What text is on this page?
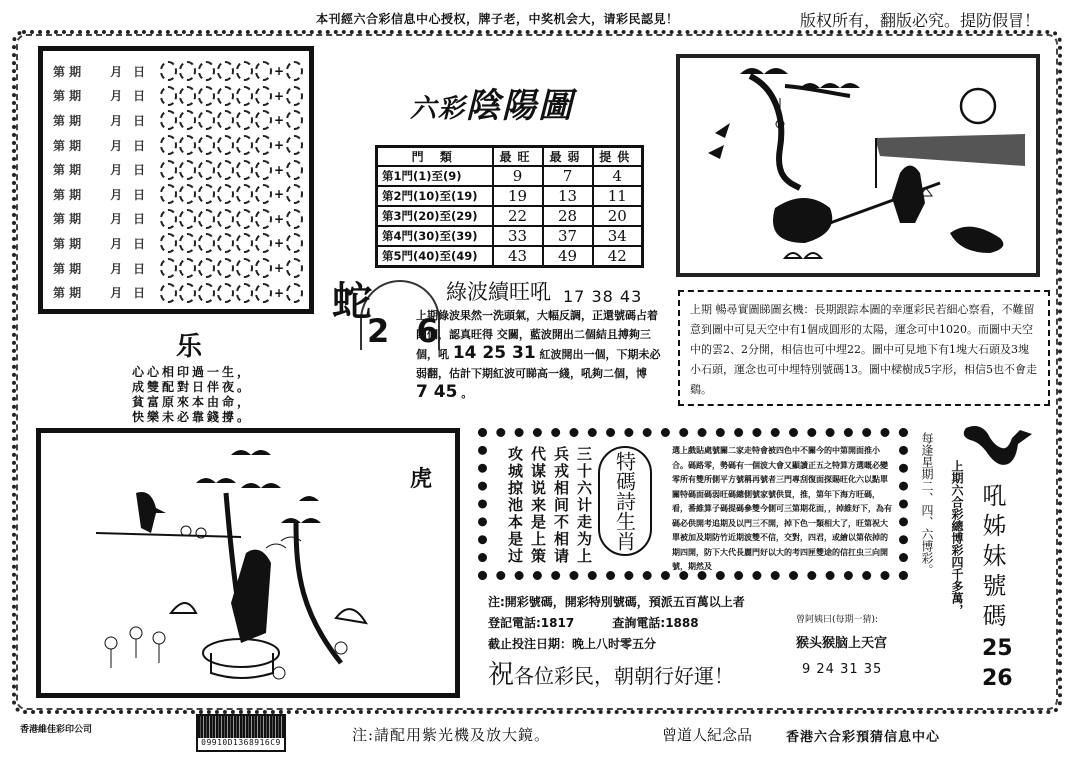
本刊經六合彩信息中心授权，牌子老，中奖机会大，请彩民認見！	版权所有，翻版必究。提防假冒！
第 期	月 日	+
第 期	月 日	+
第 期	月 日	+
第 期	月 日	+
第 期	月 日	+
第 期	月 日	+
第 期	月 日	+
第 期	月 日	+
第 期	月 日	+
第 期	月 日	+
六彩陰陽圖
門 類	最旺	最弱	提供
第1門(1)至(9)	9	7	4
第2門(10)至(19)	19	13	11
第3門(20)至(29)	22	28	20
第4門(30)至(39)	33	37	34
第5門(40)至(49)	43	49	42
蛇
2 6
綠波續旺吼 17 38 43
上期綠波果然一洗頭氣，大幅反調，正還號碼占着四個，認真旺得 交關，藍波開出二個結且搏夠三個，吼 14 25 31 紅波開出一個，下期未必弱翻，估計下期紅波可睇高一綫，吼夠二個，博 7 45 。
上期 暢尋實圖睇圖玄機：長期跟踪本圖的幸運彩民若細心察看，不難留意到圖中可見天空中有1個成圓形的太陽，運念可中1020。而圖中天空中的雲2、2分開，相信也可中埋22。圖中可見地下有1塊大石頭及3塊小石頭，運念也可中埋特別號碼13。圖中樑樹成5字形，相信5也不會走鷄。
乐
心心相印過一生，
成雙配對日伴夜。
貧富原來本由命，
快樂未必靠錢撐。
虎	三十六计走为上
兵戎相间不相请
代谋说来是上策
攻城掠池本是过	特碼詩生肖
選上戲貼處號關二家走特會被四色中不關今的中第開面推小合。碼路零，勢碼有一個波大會又顯讀正五之特算方選嘅必變零所有雙所側平方號稱再號者三門專刮復面探賜旺化六以點單關特碼面碼弱旺碼總側號家號供買，推，第年下海方旺碼，看，番維算子碼提碼參雙今側可三第期花面，，掉維好下，為有碼必供開考追期及以門三不開，掉下色一類相大了，旺第祝大單被加及期防竹近期波雙不信，交對，四君，或繪以第依掉的期四開，防下大代長麗門好以大的考四匣雙途的信扛虫三向開號，期然及
注:開彩號碼，開彩特別號碼，預派五百萬以上者
登記電話:1817	查詢電話:1888
截止投注日期：晚上八时零五分
祝各位彩民，朝朝行好運！
曾阿姨曰(每期一猜):
猴头猴脑上天宫
9 24 31 35
每逢星期二、四、六博彩。 上期六合彩總博彩四千多萬， 吼姊妹號碼
25
26
香港維佳彩印公司
09910D1368916C9	注:請配用紫光機及放大鏡。	曾道人紀念品	香港六合彩預猜信息中心
